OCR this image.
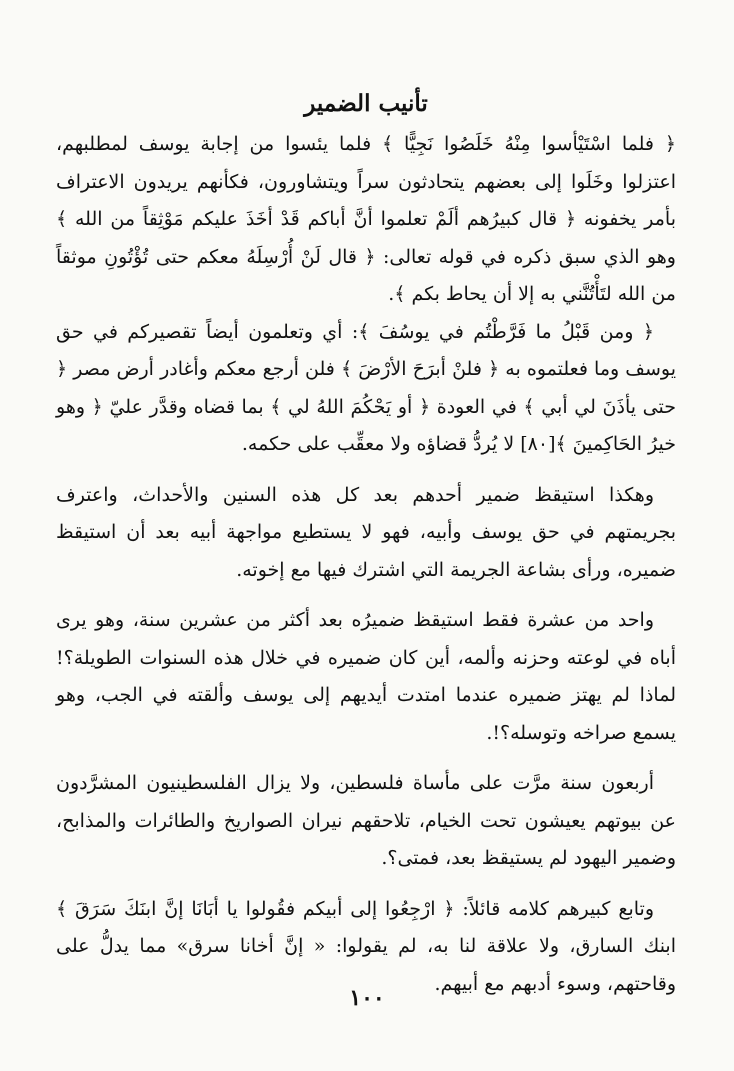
تأنيب الضمير

﴿ فلما اسْتَيْأسوا مِنْهُ خَلَصُوا نَجِيًّا ﴾ فلما يئسوا من إجابة يوسف لمطلبهم، اعتزلوا وخَلَوا إلى بعضهم يتحادثون سراً ويتشاورون، فكأنهم يريدون الاعتراف بأمر يخفونه ﴿ قال كبيرُهم ألَمْ تعلموا أنَّ أباكم قَدْ أخَذَ عليكم مَوْثِقاً من الله ﴾ وهو الذي سبق ذكره في قوله تعالى: ﴿ قال لَنْ أُرْسِلَهُ معكم حتى تُؤْتُونِ موثقاً من الله لتَأْتُنَّني به إلا أن يحاط بكم ﴾.

﴿ ومن قَبْلُ ما فَرَّطْتُم في يوسُفَ ﴾: أي وتعلمون أيضاً تقصيركم في حق يوسف وما فعلتموه به ﴿ فلنْ أبرَحَ الأرْضَ ﴾ فلن أرجع معكم وأغادر أرض مصر ﴿ حتى يأذَنَ لي أبي ﴾ في العودة ﴿ أو يَحْكُمَ اللهُ لي ﴾ بما قضاه وقدَّر عليّ ﴿ وهو خيرُ الحَاكِمينَ ﴾[٨٠] لا يُردُّ قضاؤه ولا معقِّب على حكمه.

وهكذا استيقظ ضمير أحدهم بعد كل هذه السنين والأحداث، واعترف بجريمتهم في حق يوسف وأبيه، فهو لا يستطيع مواجهة أبيه بعد أن استيقظ ضميره، ورأى بشاعة الجريمة التي اشترك فيها مع إخوته.

واحد من عشرة فقط استيقظ ضميرُه بعد أكثر من عشرين سنة، وهو يرى أباه في لوعته وحزنه وألمه، أين كان ضميره في خلال هذه السنوات الطويلة؟! لماذا لم يهتز ضميره عندما امتدت أيديهم إلى يوسف وألقته في الجب، وهو يسمع صراخه وتوسله؟!.

أربعون سنة مرَّت على مأساة فلسطين، ولا يزال الفلسطينيون المشرَّدون عن بيوتهم يعيشون تحت الخيام، تلاحقهم نيران الصواريخ والطائرات والمذابح، وضمير اليهود لم يستيقظ بعد، فمتى؟.

وتابع كبيرهم كلامه قائلاً: ﴿ ارْجِعُوا إلى أبيكم فقُولوا يا أبَانَا إنَّ ابنَكَ سَرَقَ ﴾ ابنك السارق، ولا علاقة لنا به، لم يقولوا: « إنَّ أخانا سرق» مما يدلُّ على وقاحتهم، وسوء أدبهم مع أبيهم.

١٠٠
